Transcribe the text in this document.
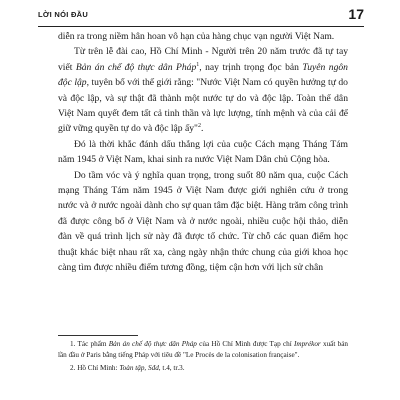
LỜI NÓI ĐẦU	17

diễn ra trong niềm hân hoan vô hạn của hàng chục vạn người Việt Nam.

Từ trên lễ đài cao, Hồ Chí Minh - Người trên 20 năm trước đã tự tay viết Bản án chế độ thực dân Pháp$^1$, nay trịnh trọng đọc bản Tuyên ngôn độc lập, tuyên bố với thế giới rằng: "Nước Việt Nam có quyền hưởng tự do và độc lập, và sự thật đã thành một nước tự do và độc lập. Toàn thể dân Việt Nam quyết đem tất cả tinh thần và lực lượng, tính mệnh và của cải để giữ vững quyền tự do và độc lập ấy"$^2$.

Đó là thời khắc đánh dấu thắng lợi của cuộc Cách mạng Tháng Tám năm 1945 ở Việt Nam, khai sinh ra nước Việt Nam Dân chủ Cộng hòa.

Do tầm vóc và ý nghĩa quan trọng, trong suốt 80 năm qua, cuộc Cách mạng Tháng Tám năm 1945 ở Việt Nam được giới nghiên cứu ở trong nước và ở nước ngoài dành cho sự quan tâm đặc biệt. Hàng trăm công trình đã được công bố ở Việt Nam và ở nước ngoài, nhiều cuộc hội thảo, diễn đàn về quá trình lịch sử này đã được tổ chức. Từ chỗ các quan điểm học thuật khác biệt nhau rất xa, càng ngày nhận thức chung của giới khoa học càng tìm được nhiều điểm tương đồng, tiệm cận hơn với lịch sử chân

1. Tác phẩm Bản án chế độ thực dân Pháp của Hồ Chí Minh được Tạp chí Imprékor xuất bản lần đầu ở Paris bằng tiếng Pháp với tiêu đề "Le Procès de la colonisation française".

2. Hồ Chí Minh: Toàn tập, Sđd, t.4, tr.3.
